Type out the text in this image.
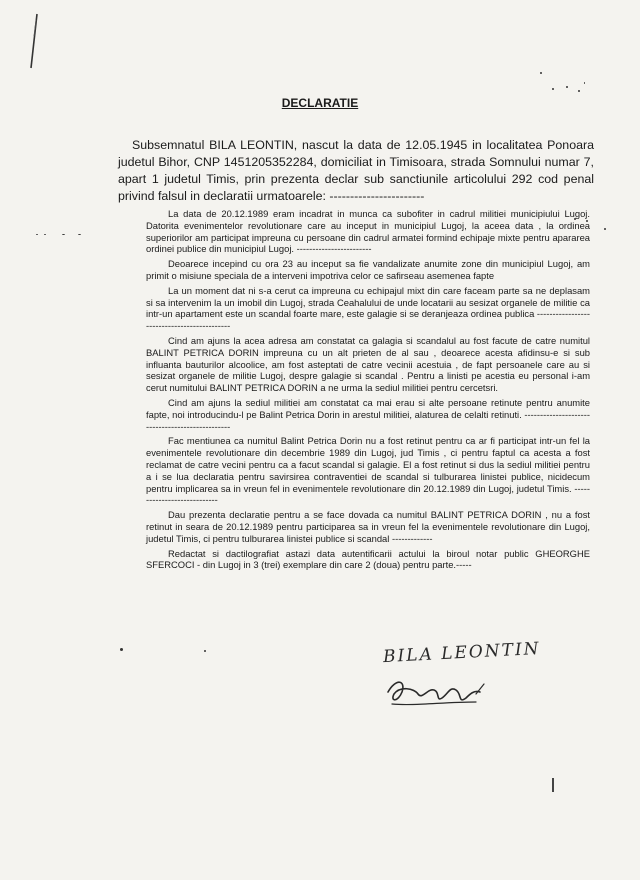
DECLARATIE
Subsemnatul BILA LEONTIN, nascut la data de 12.05.1945 in localitatea Ponoara judetul Bihor, CNP 1451205352284, domiciliat in Timisoara, strada Somnului numar 7, apart 1 judetul Timis, prin prezenta declar sub sanctiunile articolului 292 cod penal privind falsul in declaratii urmatoarele: -----------------------

La data de 20.12.1989 eram incadrat in munca ca subofiter in cadrul militiei municipiului Lugoj. Datorita evenimentelor revolutionare care au inceput in municipiul Lugoj, la aceea data , la ordinea superiorilor am participat impreuna cu persoane din cadrul armatei formind echipaje mixte pentru apararea ordinei publice din municipiul Lugoj. ------------------------

Deoarece incepind cu ora 23 au inceput sa fie vandalizate anumite zone din municipiul Lugoj, am primit o misiune speciala de a interveni impotriva celor ce safirseau asemenea fapte

La un moment dat ni s-a cerut ca impreuna cu echipajul mixt din care faceam parte sa ne deplasam si sa intervenim la un imobil din Lugoj, strada Ceahalului de unde locatarii au sesizat organele de militie ca intr-un apartament este un scandal foarte mare, este galagie si se deranjeaza ordinea publica --------------------------------------------

Cind am ajuns la acea adresa am constatat ca galagia si scandalul au fost facute de catre numitul BALINT PETRICA DORIN impreuna cu un alt prieten de al sau , deoarece acesta afidinsu-e si sub influanta bauturilor alcoolice, am fost asteptati de catre vecinii acestuia , de fapt persoanele care au si sesizat organele de militie Lugoj, despre galagie si scandal . Pentru a linisti pe acestia eu personal i-am cerut numitului BALINT PETRICA DORIN a ne urma la sediul militiei pentru cercetsri.

Cind am ajuns la sediul militiei am constatat ca mai erau si alte persoane retinute pentru anumite fapte, noi introducindu-l pe Balint Petrica Dorin in arestul militiei, alaturea de celalti retinuti. ------------------------------------------------

Fac mentiunea ca numitul Balint Petrica Dorin nu a fost retinut pentru ca ar fi participat intr-un fel la evenimentele revolutionare din decembrie 1989 din Lugoj, jud Timis , ci pentru faptul ca acesta a fost reclamat de catre vecini pentru ca a facut scandal si galagie. El a fost retinut si dus la sediul militiei pentru a i se lua declaratia pentru savirsirea contraventiei de scandal si tulburarea linistei publice, nicidecum pentru implicarea sa in vreun fel in evenimentele revolutionare din 20.12.1989 din Lugoj, judetul Timis. ----------------------------

Dau prezenta declaratie pentru a se face dovada ca numitul BALINT PETRICA DORIN , nu a fost retinut in seara de 20.12.1989 pentru participarea sa in vreun fel la evenimentele revolutionare din Lugoj, judetul Timis, ci pentru tulburarea linistei publice si scandal -------------

Redactat si dactilografiat astazi data autentificarii actului la biroul notar public GHEORGHE SFERCOCI - din Lugoj in 3 (trei) exemplare din care 2 (doua) pentru parte.-----

BILA LEONTIN
